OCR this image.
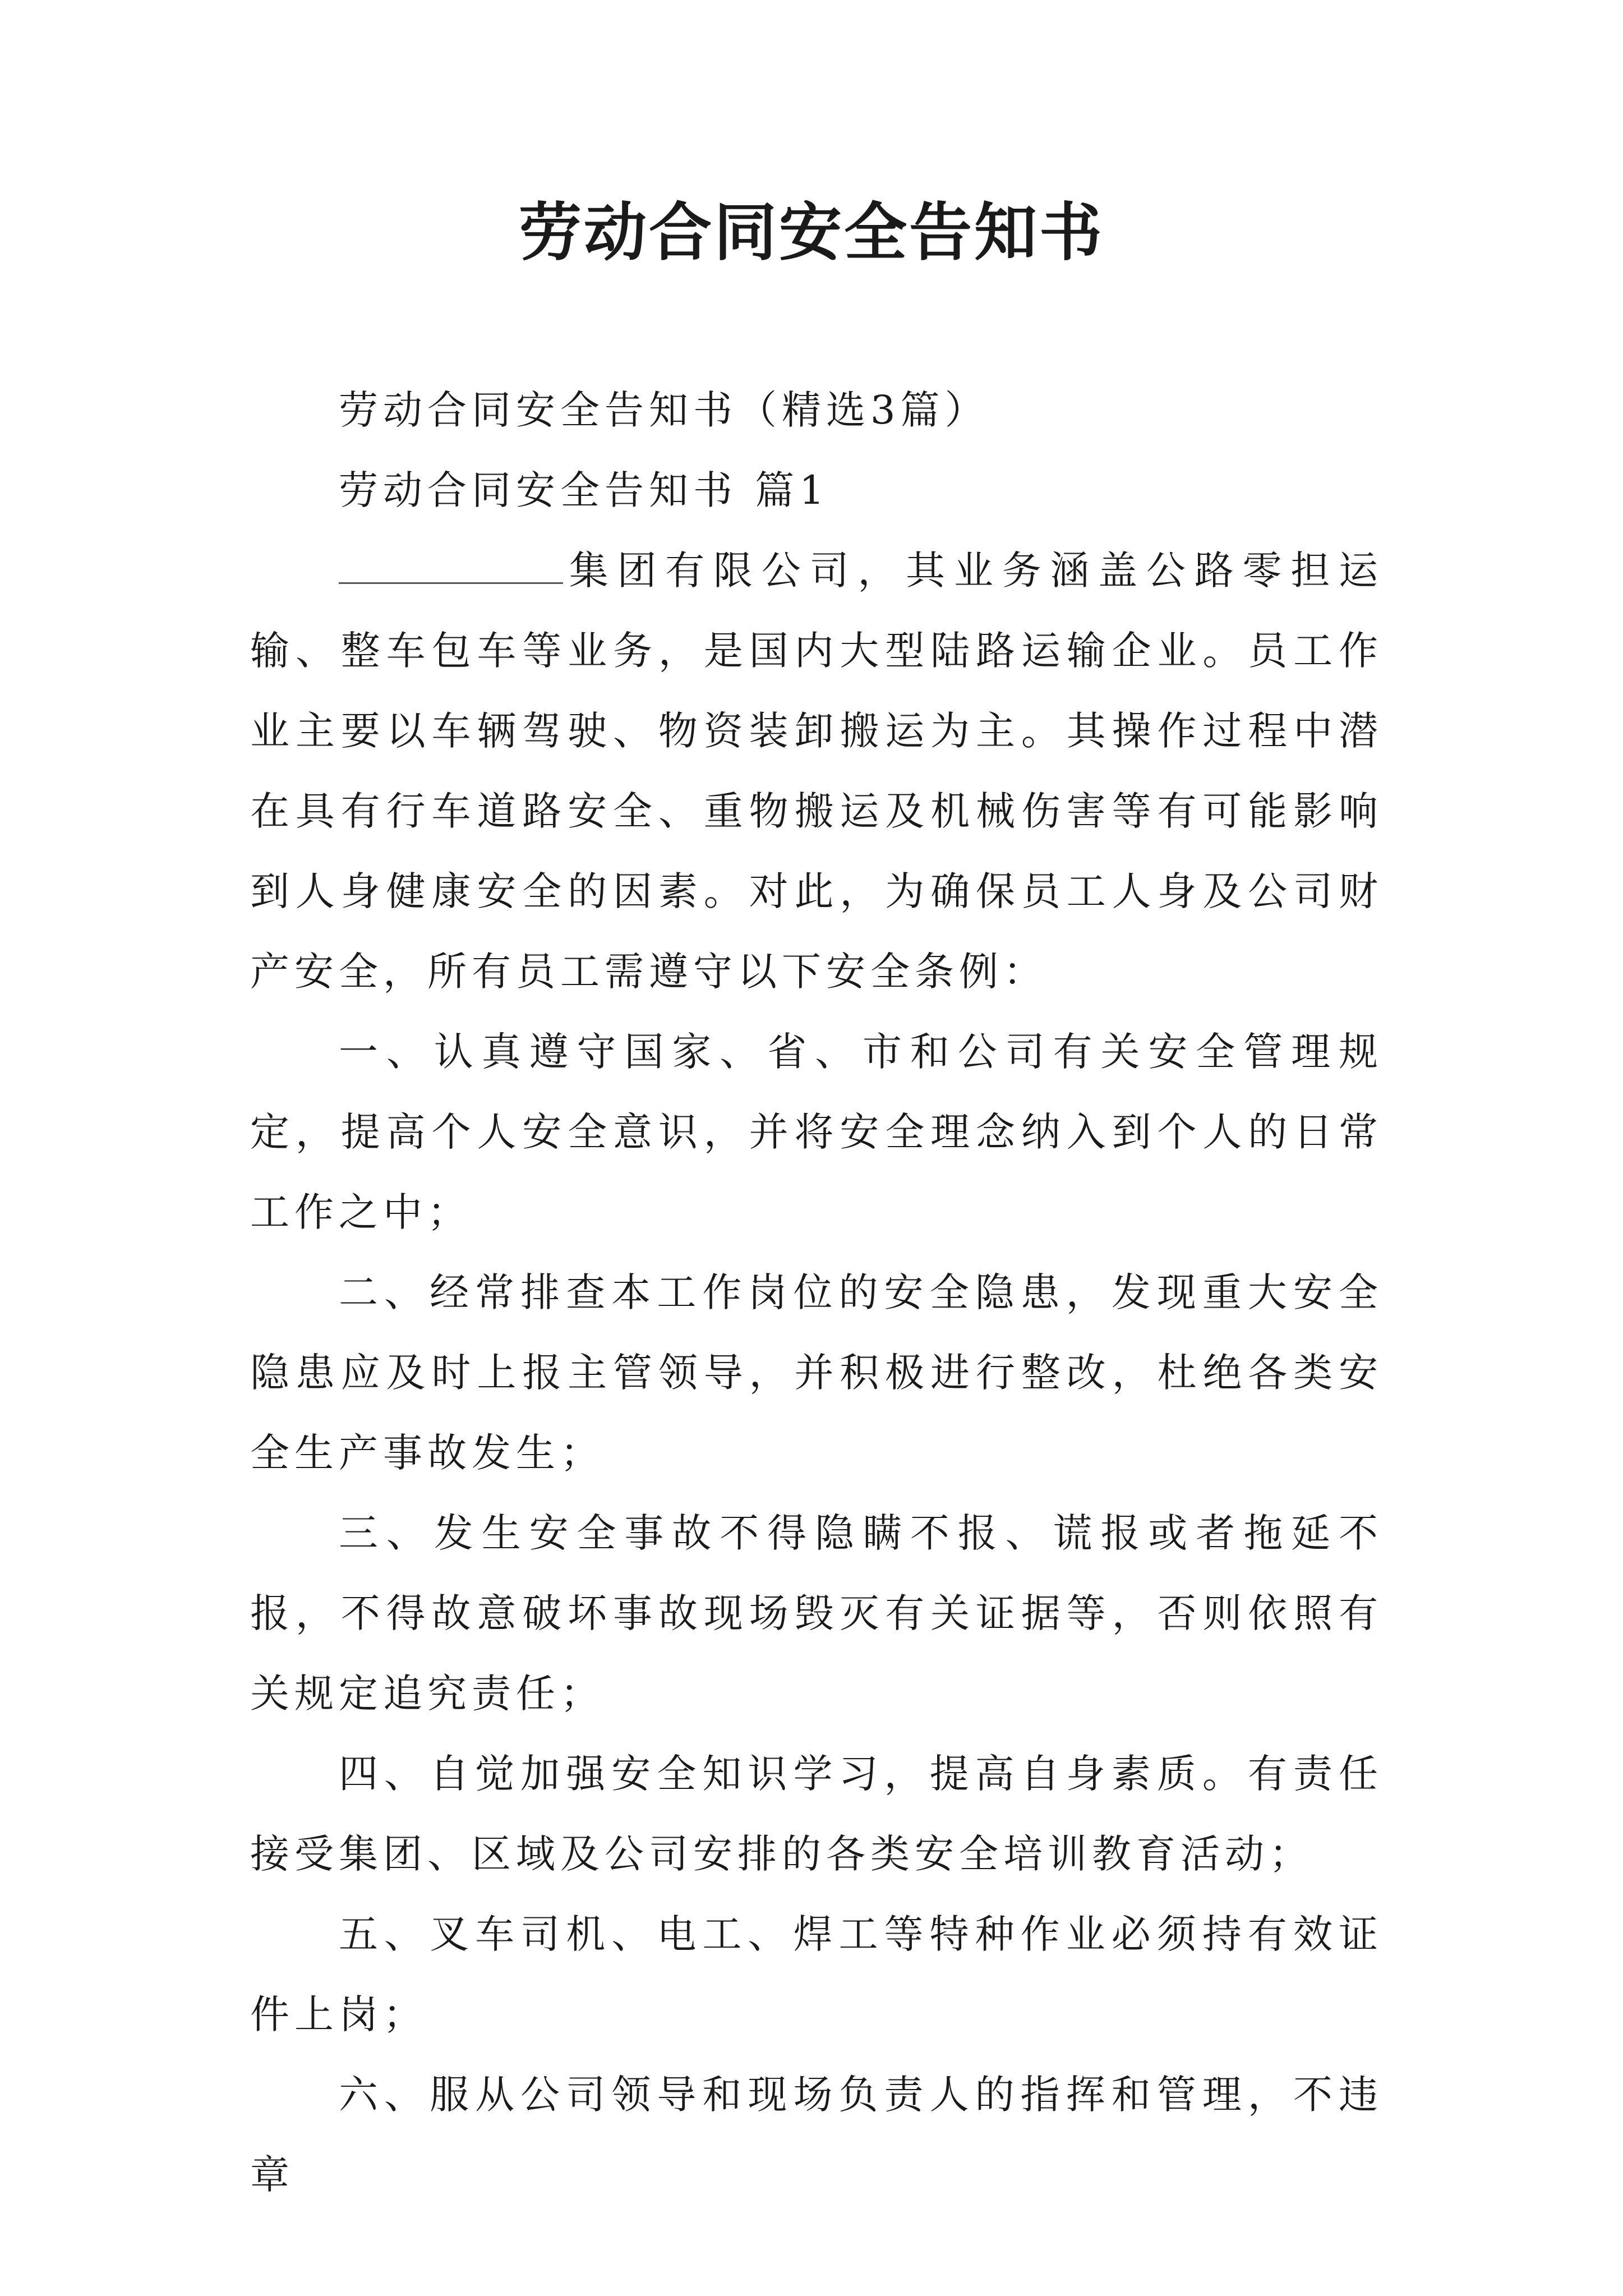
劳动合同安全告知书

劳动合同安全告知书（精选3篇）

劳动合同安全告知书 篇1

集团有限公司，其业务涵盖公路零担运输、整车包车等业务，是国内大型陆路运输企业。员工作业主要以车辆驾驶、物资装卸搬运为主。其操作过程中潜在具有行车道路安全、重物搬运及机械伤害等有可能影响到人身健康安全的因素。对此，为确保员工人身及公司财产安全，所有员工需遵守以下安全条例：

一、认真遵守国家、省、市和公司有关安全管理规定，提高个人安全意识，并将安全理念纳入到个人的日常工作之中；

二、经常排查本工作岗位的安全隐患，发现重大安全隐患应及时上报主管领导，并积极进行整改，杜绝各类安全生产事故发生；

三、发生安全事故不得隐瞒不报、谎报或者拖延不报，不得故意破坏事故现场毁灭有关证据等，否则依照有关规定追究责任；

四、自觉加强安全知识学习，提高自身素质。有责任接受集团、区域及公司安排的各类安全培训教育活动；

五、叉车司机、电工、焊工等特种作业必须持有效证件上岗；

六、服从公司领导和现场负责人的指挥和管理，不违章
